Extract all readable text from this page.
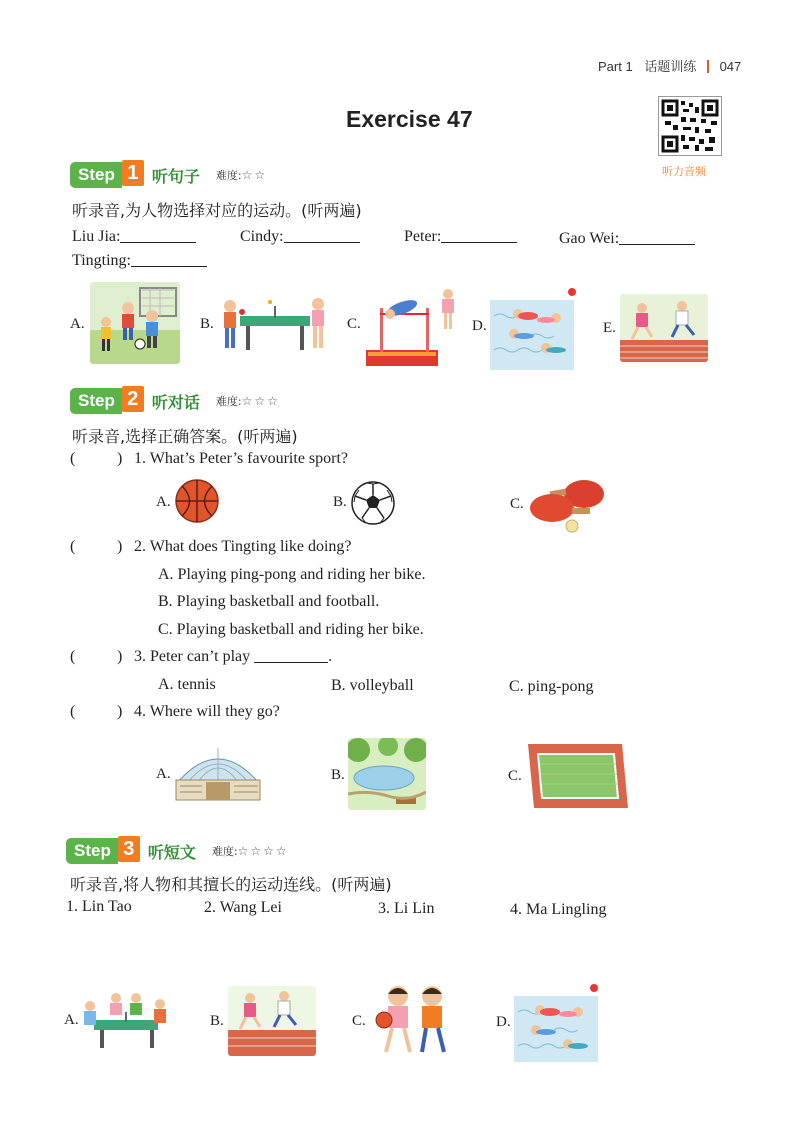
Part 1 话题训练 047
Exercise 47
听力音频
Step 1 听句子 难度: ☆☆
听录音,为人物选择对应的运动。(听两遍)
Liu Jia:	Cindy:	Peter:	Gao Wei:
Tingting:
A.	B.	C.	D.	E.
Step 2 听对话 难度: ☆☆☆
听录音,选择正确答案。(听两遍)
(	) 1. What’s Peter’s favourite sport?
A.	B.	C.
(	) 2. What does Tingting like doing?
A. Playing ping-pong and riding her bike.
B. Playing basketball and football.
C. Playing basketball and riding her bike.
(	) 3. Peter can’t play	.
A. tennis	B. volleyball	C. ping-pong
(	) 4. Where will they go?
A.	B.	C.
Step 3 听短文 难度: ☆☆☆☆
听录音,将人物和其擅长的运动连线。(听两遍)
1. Lin Tao	2. Wang Lei	3. Li Lin	4. Ma Lingling
A.	B.	C.	D.
